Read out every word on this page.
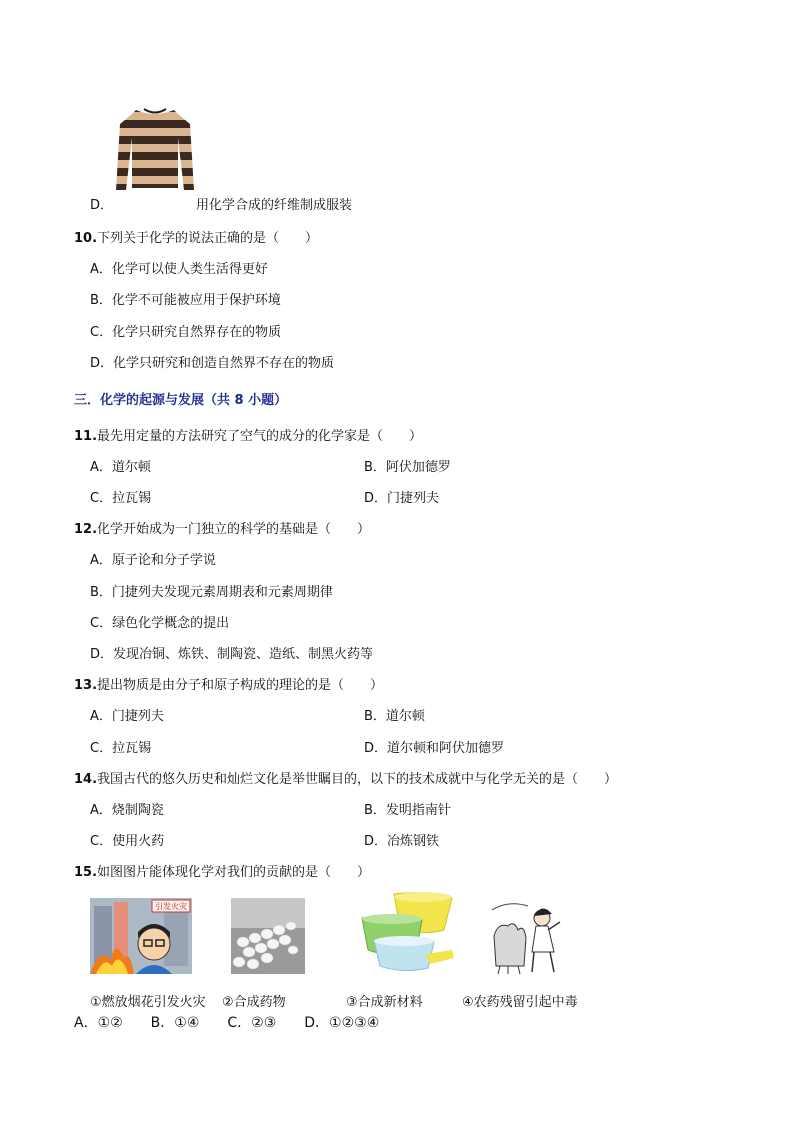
D．	用化学合成的纤维制成服装
10.下列关于化学的说法正确的是（　　）
A．化学可以使人类生活得更好
B．化学不可能被应用于保护环境
C．化学只研究自然界存在的物质
D．化学只研究和创造自然界不存在的物质
三．化学的起源与发展（共 8 小题）
11.最先用定量的方法研究了空气的成分的化学家是（　　）
A．道尔顿	B．阿伏加德罗
C．拉瓦锡	D．门捷列夫
12.化学开始成为一门独立的科学的基础是（　　）
A．原子论和分子学说
B．门捷列夫发现元素周期表和元素周期律
C．绿色化学概念的提出
D．发现冶铜、炼铁、制陶瓷、造纸、制黑火药等
13.提出物质是由分子和原子构成的理论的是（　　）
A．门捷列夫	B．道尔顿
C．拉瓦锡	D．道尔顿和阿伏加德罗
14.我国古代的悠久历史和灿烂文化是举世瞩目的，以下的技术成就中与化学无关的是（　　）
A．烧制陶瓷	B．发明指南针
C．使用火药	D．冶炼钢铁
15.如图图片能体现化学对我们的贡献的是（　　）
引发火灾
①燃放烟花引发火灾 ②合成药物	③合成新材料	④农药残留引起中毒
A．①②　　B．①④　　C．②③　　D．①②③④
